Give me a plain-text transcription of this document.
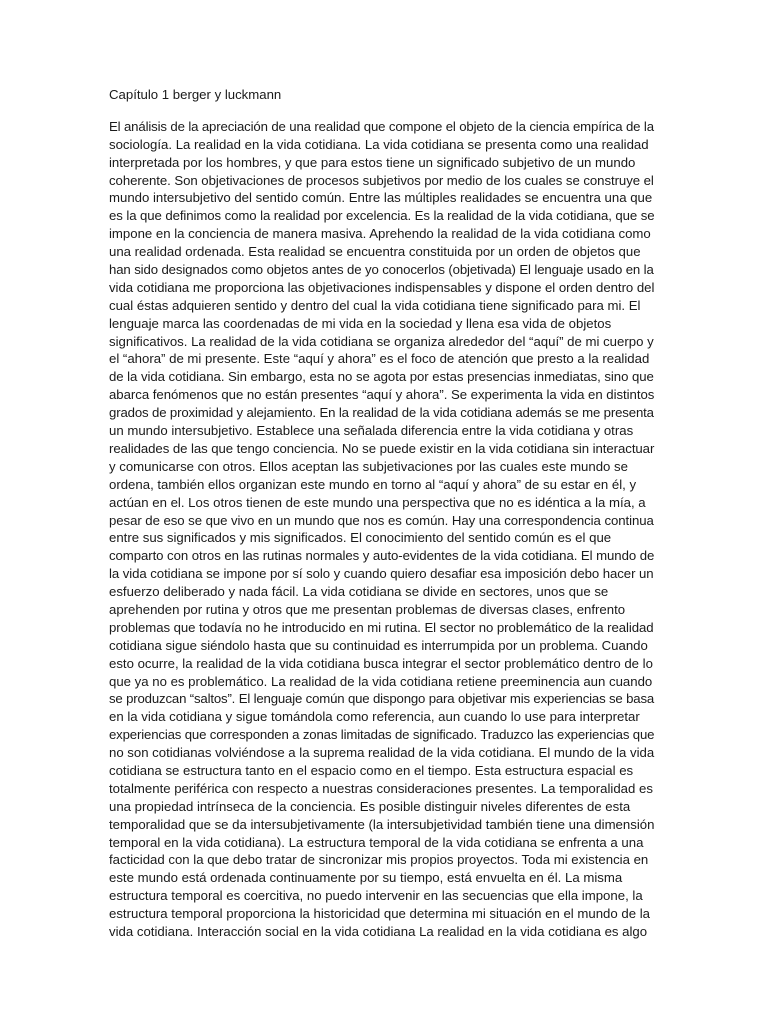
Capítulo 1 berger y luckmann

El análisis de la apreciación de una realidad que compone el objeto de la ciencia empírica de la
sociología. La realidad en la vida cotidiana. La vida cotidiana se presenta como una realidad
interpretada por los hombres, y que para estos tiene un significado subjetivo de un mundo
coherente. Son objetivaciones de procesos subjetivos por medio de los cuales se construye el
mundo intersubjetivo del sentido común. Entre las múltiples realidades se encuentra una que
es la que definimos como la realidad por excelencia. Es la realidad de la vida cotidiana, que se
impone en la conciencia de manera masiva. Aprehendo la realidad de la vida cotidiana como
una realidad ordenada. Esta realidad se encuentra constituida por un orden de objetos que
han sido designados como objetos antes de yo conocerlos (objetivada) El lenguaje usado en la
vida cotidiana me proporciona las objetivaciones indispensables y dispone el orden dentro del
cual éstas adquieren sentido y dentro del cual la vida cotidiana tiene significado para mi. El
lenguaje marca las coordenadas de mi vida en la sociedad y llena esa vida de objetos
significativos. La realidad de la vida cotidiana se organiza alrededor del “aquí” de mi cuerpo y
el “ahora” de mi presente. Este “aquí y ahora” es el foco de atención que presto a la realidad
de la vida cotidiana. Sin embargo, esta no se agota por estas presencias inmediatas, sino que
abarca fenómenos que no están presentes “aquí y ahora”. Se experimenta la vida en distintos
grados de proximidad y alejamiento. En la realidad de la vida cotidiana además se me presenta
un mundo intersubjetivo. Establece una señalada diferencia entre la vida cotidiana y otras
realidades de las que tengo conciencia. No se puede existir en la vida cotidiana sin interactuar
y comunicarse con otros. Ellos aceptan las subjetivaciones por las cuales este mundo se
ordena, también ellos organizan este mundo en torno al “aquí y ahora” de su estar en él, y
actúan en el. Los otros tienen de este mundo una perspectiva que no es idéntica a la mía, a
pesar de eso se que vivo en un mundo que nos es común. Hay una correspondencia continua
entre sus significados y mis significados. El conocimiento del sentido común es el que
comparto con otros en las rutinas normales y auto-evidentes de la vida cotidiana. El mundo de
la vida cotidiana se impone por sí solo y cuando quiero desafiar esa imposición debo hacer un
esfuerzo deliberado y nada fácil. La vida cotidiana se divide en sectores, unos que se
aprehenden por rutina y otros que me presentan problemas de diversas clases, enfrento
problemas que todavía no he introducido en mi rutina. El sector no problemático de la realidad
cotidiana sigue siéndolo hasta que su continuidad es interrumpida por un problema. Cuando
esto ocurre, la realidad de la vida cotidiana busca integrar el sector problemático dentro de lo
que ya no es problemático. La realidad de la vida cotidiana retiene preeminencia aun cuando
se produzcan “saltos”. El lenguaje común que dispongo para objetivar mis experiencias se basa
en la vida cotidiana y sigue tomándola como referencia, aun cuando lo use para interpretar
experiencias que corresponden a zonas limitadas de significado. Traduzco las experiencias que
no son cotidianas volviéndose a la suprema realidad de la vida cotidiana. El mundo de la vida
cotidiana se estructura tanto en el espacio como en el tiempo. Esta estructura espacial es
totalmente periférica con respecto a nuestras consideraciones presentes. La temporalidad es
una propiedad intrínseca de la conciencia. Es posible distinguir niveles diferentes de esta
temporalidad que se da intersubjetivamente (la intersubjetividad también tiene una dimensión
temporal en la vida cotidiana). La estructura temporal de la vida cotidiana se enfrenta a una
facticidad con la que debo tratar de sincronizar mis propios proyectos. Toda mi existencia en
este mundo está ordenada continuamente por su tiempo, está envuelta en él. La misma
estructura temporal es coercitiva, no puedo intervenir en las secuencias que ella impone, la
estructura temporal proporciona la historicidad que determina mi situación en el mundo de la
vida cotidiana. Interacción social en la vida cotidiana La realidad en la vida cotidiana es algo
